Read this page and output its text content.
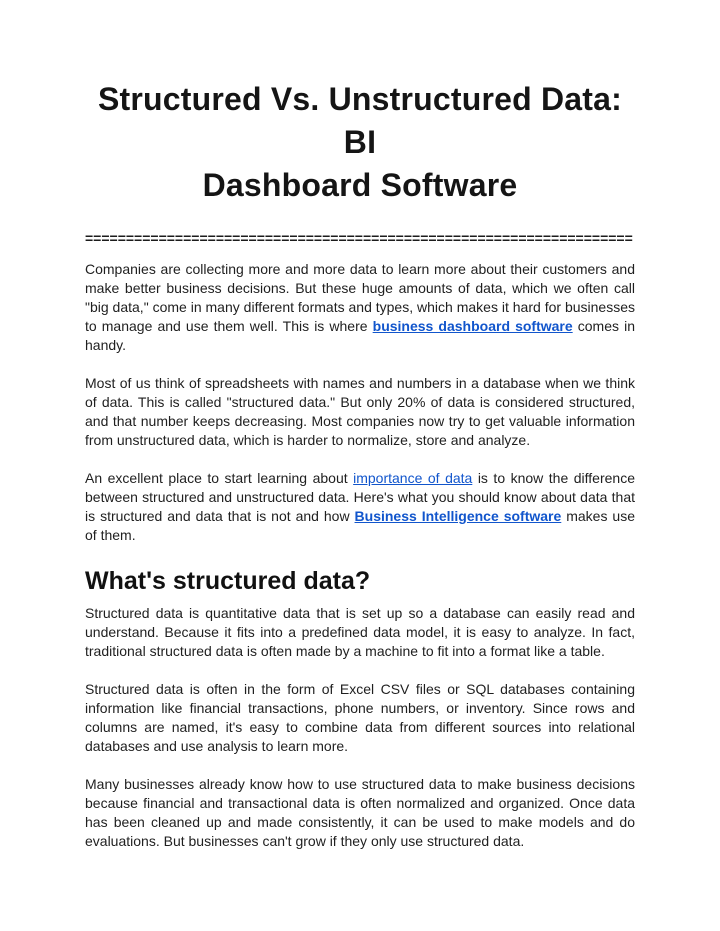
Structured Vs. Unstructured Data: BI
Dashboard Software
===================================================================

Companies are collecting more and more data to learn more about their customers and make better business decisions. But these huge amounts of data, which we often call "big data," come in many different formats and types, which makes it hard for businesses to manage and use them well. This is where business dashboard software comes in handy.

Most of us think of spreadsheets with names and numbers in a database when we think of data. This is called "structured data." But only 20% of data is considered structured, and that number keeps decreasing. Most companies now try to get valuable information from unstructured data, which is harder to normalize, store and analyze.

An excellent place to start learning about importance of data is to know the difference between structured and unstructured data. Here's what you should know about data that is structured and data that is not and how Business Intelligence software makes use of them.

What's structured data?

Structured data is quantitative data that is set up so a database can easily read and understand. Because it fits into a predefined data model, it is easy to analyze. In fact, traditional structured data is often made by a machine to fit into a format like a table.

Structured data is often in the form of Excel CSV files or SQL databases containing information like financial transactions, phone numbers, or inventory. Since rows and columns are named, it's easy to combine data from different sources into relational databases and use analysis to learn more.

Many businesses already know how to use structured data to make business decisions because financial and transactional data is often normalized and organized. Once data has been cleaned up and made consistently, it can be used to make models and do evaluations. But businesses can't grow if they only use structured data.
